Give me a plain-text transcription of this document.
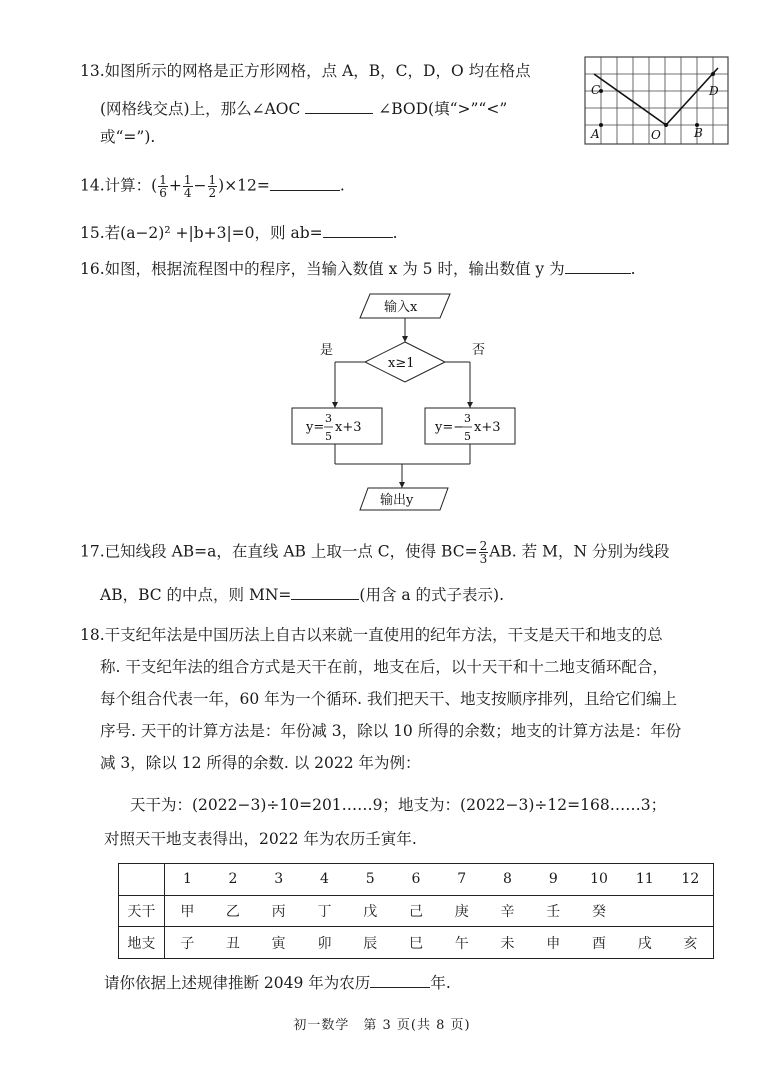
13.如图所示的网格是正方形网格，点 A，B，C，D，O 均在格点
(网格线交点)上，那么∠AOC	∠BOD(填“>”“<”
或“=”).
C	D
A	O	B
14.计算：( $\frac{1}{6} + \frac{1}{4} - \frac{1}{2} )\times 12=$	.
15.若(a−2)² +|b+3|=0，则 ab=	.
16.如图，根据流程图中的程序，当输入数值 x 为 5 时，输出数值 y 为	.
输入x
x≥1
是	否
输出y
y=
3
5
x+3	y=−
3
5
x+3
17.已知线段 AB=a，在直线 AB 上取一点 C，使得 $BC= \frac{2}{3}$ AB. 若 M，N 分别为线段
AB，BC 的中点，则 MN=	(用含 a 的式子表示).
18.干支纪年法是中国历法上自古以来就一直使用的纪年方法，干支是天干和地支的总
称. 干支纪年法的组合方式是天干在前，地支在后，以十天干和十二地支循环配合，
每个组合代表一年，60 年为一个循环. 我们把天干、地支按顺序排列，且给它们编上
序号. 天干的计算方法是：年份减 3，除以 10 所得的余数；地支的计算方法是：年份
减 3，除以 12 所得的余数. 以 2022 年为例：
天干为：(2022−3)÷10=201……9；地支为：(2022−3)÷12=168……3；
对照天干地支表得出，2022 年为农历壬寅年.
	1	2	3	4	5	6	7	8	9	10	11	12
天干	甲	乙	丙	丁	戊	己	庚	辛	壬	癸		
地支	子	丑	寅	卯	辰	巳	午	未	申	酉	戌	亥
请你依据上述规律推断 2049 年为农历	年.
初一数学　第 3 页(共 8 页)
